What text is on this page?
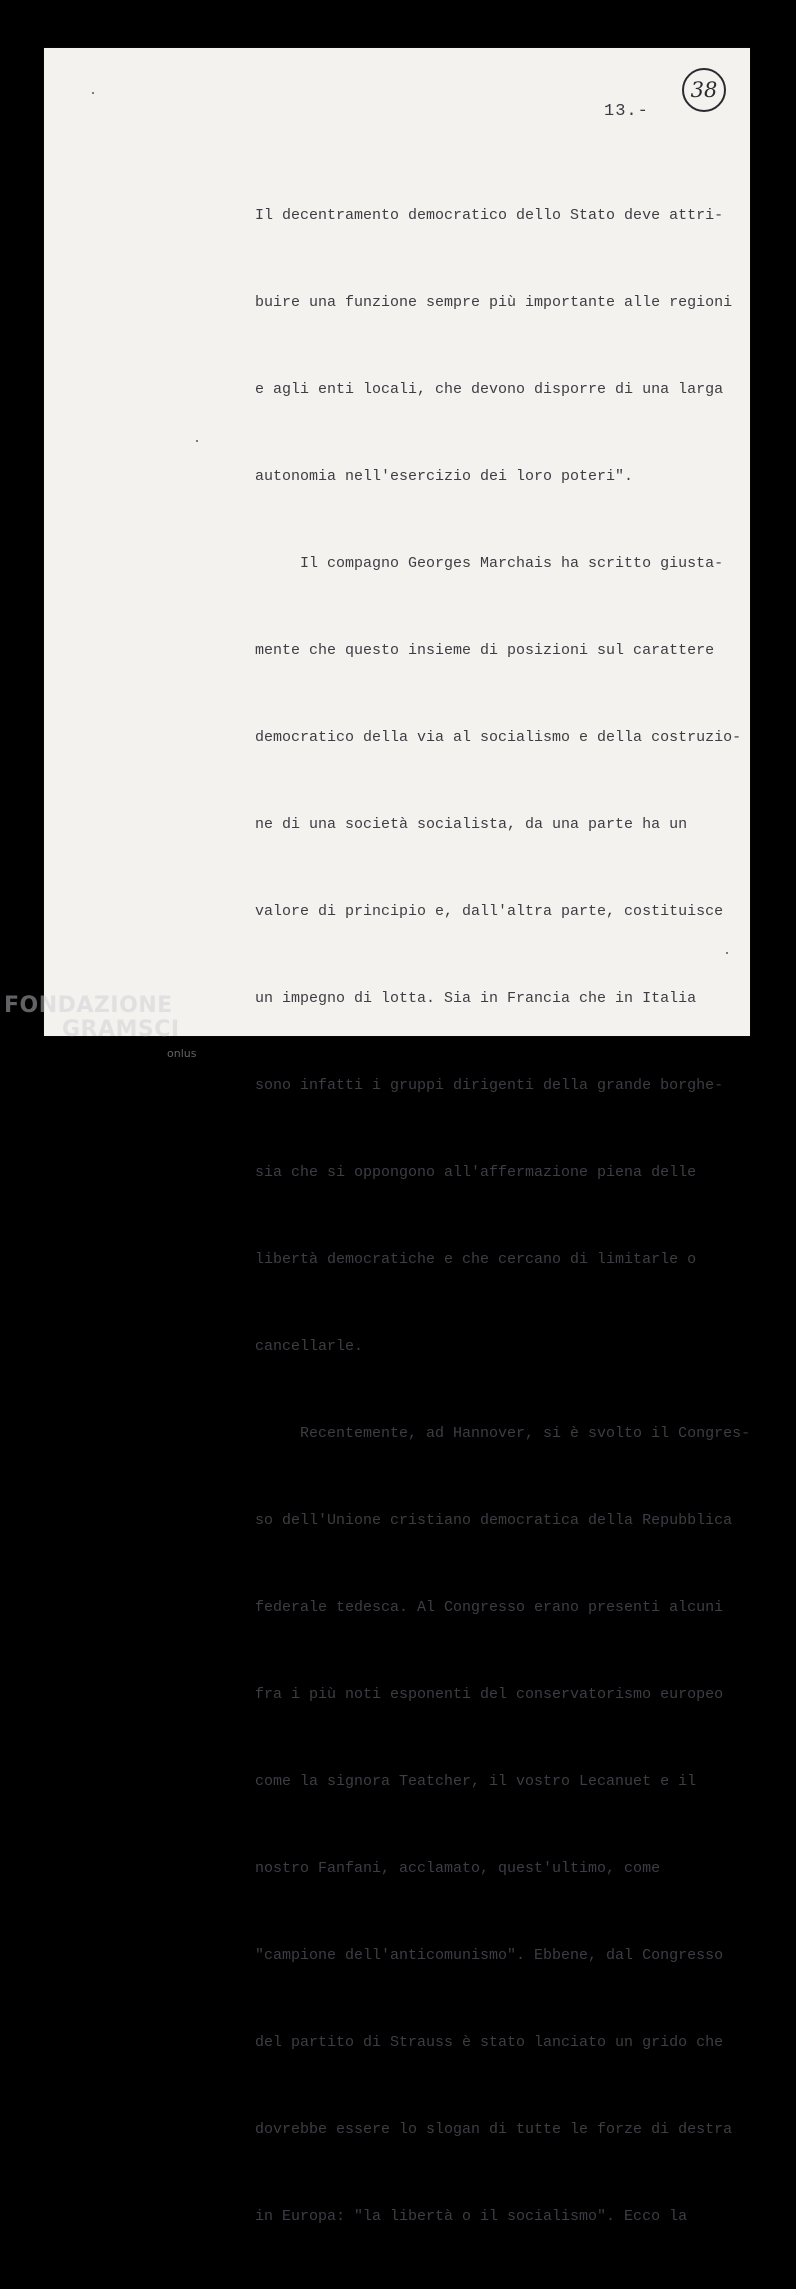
38
13.-

Il decentramento democratico dello Stato deve attri-

buire una funzione sempre più importante alle regioni

e agli enti locali, che devono disporre di una larga

autonomia nell'esercizio dei loro poteri".

Il compagno Georges Marchais ha scritto giusta-

mente che questo insieme di posizioni sul carattere

democratico della via al socialismo e della costruzio-

ne di una società socialista, da una parte ha un

valore di principio e, dall'altra parte, costituisce

un impegno di lotta. Sia in Francia che in Italia

sono infatti i gruppi dirigenti della grande borghe-

sia che si oppongono all'affermazione piena delle

libertà democratiche e che cercano di limitarle o

cancellarle.

Recentemente, ad Hannover, si è svolto il Congres-

so dell'Unione cristiano democratica della Repubblica

federale tedesca. Al Congresso erano presenti alcuni

fra i più noti esponenti del conservatorismo europeo

come la signora Teatcher, il vostro Lecanuet e il

nostro Fanfani, acclamato, quest'ultimo, come

"campione dell'anticomunismo". Ebbene, dal Congresso

del partito di Strauss è stato lanciato un grido che

dovrebbe essere lo slogan di tutte le forze di destra

in Europa: "la libertà o il socialismo". Ecco la

FONDAZIONE
GRAMSCI
onlus
